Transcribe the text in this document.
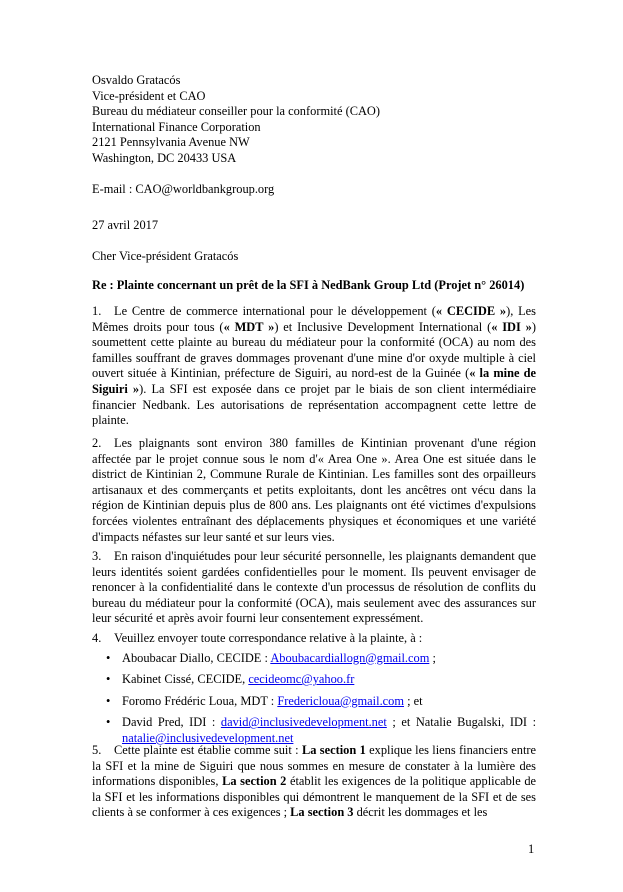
Osvaldo Gratacós
Vice-président et CAO
Bureau du médiateur conseiller pour la conformité (CAO)
International Finance Corporation
2121 Pennsylvania Avenue NW
Washington, DC 20433 USA
E-mail : CAO@worldbankgroup.org
27 avril 2017
Cher Vice-président Gratacós
Re : Plainte concernant un prêt de la SFI à NedBank Group Ltd (Projet n° 26014)

1. Le Centre de commerce international pour le développement (« CECIDE »), Les Mêmes droits pour tous (« MDT ») et Inclusive Development International (« IDI ») soumettent cette plainte au bureau du médiateur pour la conformité (OCA) au nom des familles souffrant de graves dommages provenant d'une mine d'or oxyde multiple à ciel ouvert située à Kintinian, préfecture de Siguiri, au nord-est de la Guinée (« la mine de Siguiri »). La SFI est exposée dans ce projet par le biais de son client intermédiaire financier Nedbank. Les autorisations de représentation accompagnent cette lettre de plainte.

2. Les plaignants sont environ 380 familles de Kintinian provenant d'une région affectée par le projet connue sous le nom d'« Area One ». Area One est située dans le district de Kintinian 2, Commune Rurale de Kintinian. Les familles sont des orpailleurs artisanaux et des commerçants et petits exploitants, dont les ancêtres ont vécu dans la région de Kintinian depuis plus de 800 ans. Les plaignants ont été victimes d'expulsions forcées violentes entraînant des déplacements physiques et économiques et une variété d'impacts néfastes sur leur santé et sur leurs vies.

3. En raison d'inquiétudes pour leur sécurité personnelle, les plaignants demandent que leurs identités soient gardées confidentielles pour le moment. Ils peuvent envisager de renoncer à la confidentialité dans le contexte d'un processus de résolution de conflits du bureau du médiateur pour la conformité (OCA), mais seulement avec des assurances sur leur sécurité et après avoir fourni leur consentement expressément.

4. Veuillez envoyer toute correspondance relative à la plainte, à :
• Aboubacar Diallo, CECIDE : Aboubacardiallogn@gmail.com ;
• Kabinet Cissé, CECIDE, cecideomc@yahoo.fr
• Foromo Frédéric Loua, MDT : Fredericloua@gmail.com ; et
• David Pred, IDI : david@inclusivedevelopment.net ; et Natalie Bugalski, IDI : natalie@inclusivedevelopment.net

5. Cette plainte est établie comme suit : La section 1 explique les liens financiers entre la SFI et la mine de Siguiri que nous sommes en mesure de constater à la lumière des informations disponibles, La section 2 établit les exigences de la politique applicable de la SFI et les informations disponibles qui démontrent le manquement de la SFI et de ses clients à se conformer à ces exigences ; La section 3 décrit les dommages et les

1
